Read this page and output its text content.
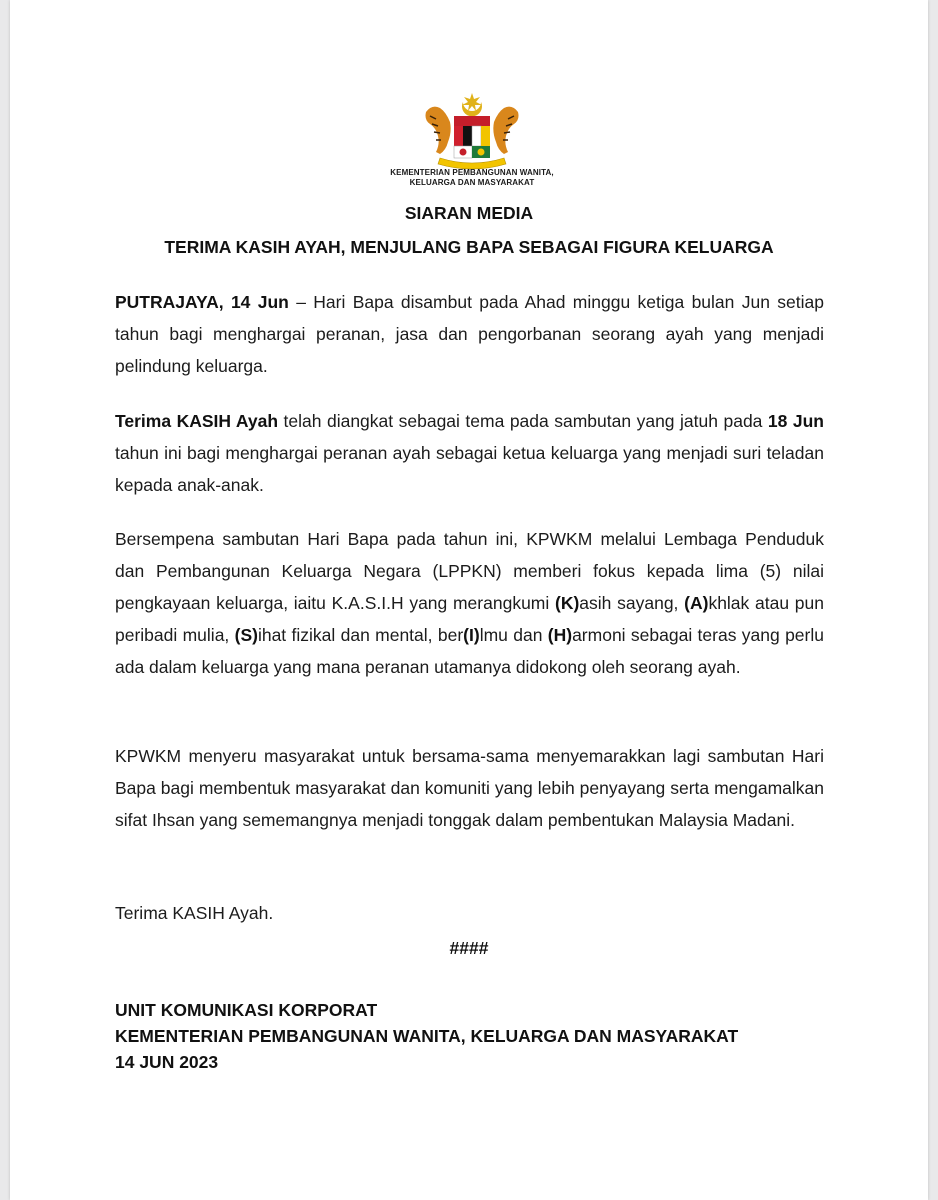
KEMENTERIAN PEMBANGUNAN WANITA,
KELUARGA DAN MASYARAKAT
SIARAN MEDIA
TERIMA KASIH AYAH, MENJULANG BAPA SEBAGAI FIGURA KELUARGA

PUTRAJAYA, 14 Jun – Hari Bapa disambut pada Ahad minggu ketiga bulan Jun setiap tahun bagi menghargai peranan, jasa dan pengorbanan seorang ayah yang menjadi pelindung keluarga.

Terima KASIH Ayah telah diangkat sebagai tema pada sambutan yang jatuh pada 18 Jun tahun ini bagi menghargai peranan ayah sebagai ketua keluarga yang menjadi suri teladan kepada anak-anak.

Bersempena sambutan Hari Bapa pada tahun ini, KPWKM melalui Lembaga Penduduk dan Pembangunan Keluarga Negara (LPPKN) memberi fokus kepada lima (5) nilai pengkayaan keluarga, iaitu K.A.S.I.H yang merangkumi (K)asih sayang, (A)khlak atau pun peribadi mulia, (S)ihat fizikal dan mental, ber(I)lmu dan (H)armoni sebagai teras yang perlu ada dalam keluarga yang mana peranan utamanya didokong oleh seorang ayah.

KPWKM menyeru masyarakat untuk bersama-sama menyemarakkan lagi sambutan Hari Bapa bagi membentuk masyarakat dan komuniti yang lebih penyayang serta mengamalkan sifat Ihsan yang sememangnya menjadi tonggak dalam pembentukan Malaysia Madani.

Terima KASIH Ayah.

####
UNIT KOMUNIKASI KORPORAT
KEMENTERIAN PEMBANGUNAN WANITA, KELUARGA DAN MASYARAKAT
14 JUN 2023
